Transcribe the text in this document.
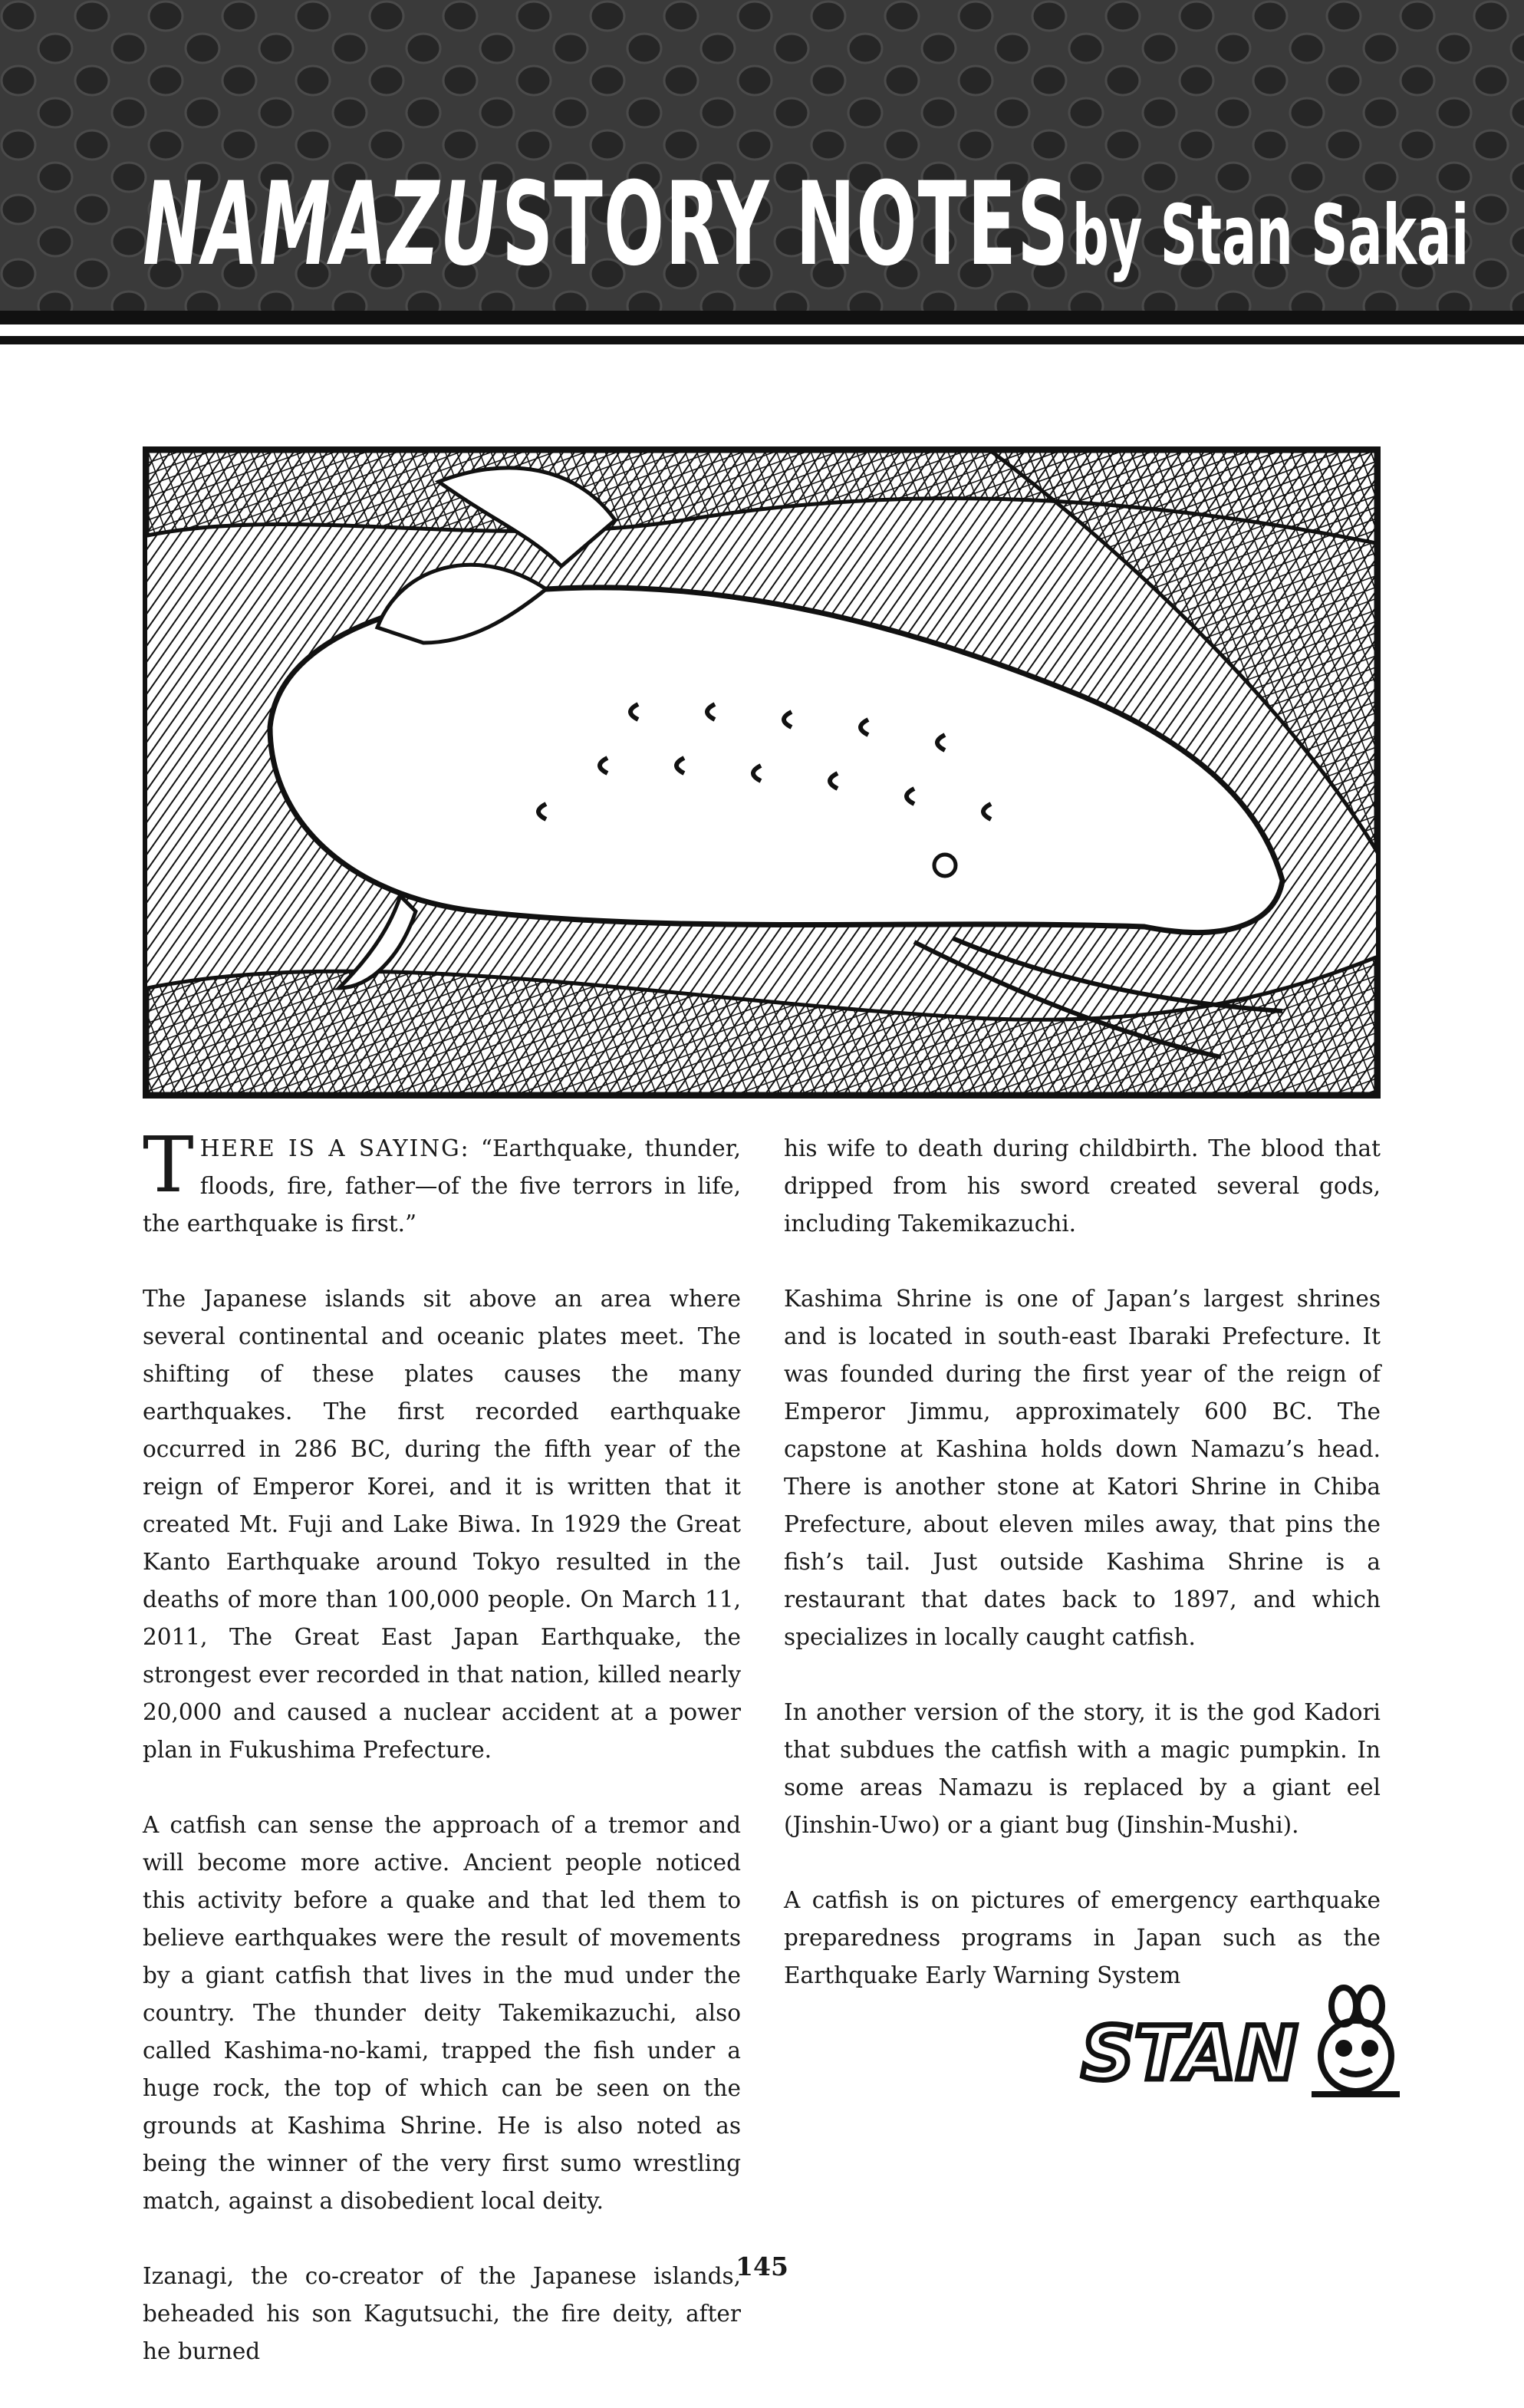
NAMAZU STORY NOTES by Stan Sakai

THERE IS A SAYING: “Earthquake, thunder, floods, fire, father—of the five terrors in life, the earthquake is first.”

The Japanese islands sit above an area where several continental and oceanic plates meet. The shifting of these plates causes the many earthquakes. The first recorded earthquake occurred in 286 BC, during the fifth year of the reign of Emperor Korei, and it is written that it created Mt. Fuji and Lake Biwa. In 1929 the Great Kanto Earthquake around Tokyo resulted in the deaths of more than 100,000 people. On March 11, 2011, The Great East Japan Earthquake, the strongest ever recorded in that nation, killed nearly 20,000 and caused a nuclear accident at a power plan in Fukushima Prefecture.

A catfish can sense the approach of a tremor and will become more active. Ancient people noticed this activity before a quake and that led them to believe earthquakes were the result of movements by a giant catfish that lives in the mud under the country. The thunder deity Takemikazuchi, also called Kashima-no-kami, trapped the fish under a huge rock, the top of which can be seen on the grounds at Kashima Shrine. He is also noted as being the winner of the very first sumo wrestling match, against a disobedient local deity.

Izanagi, the co-creator of the Japanese islands, beheaded his son Kagutsuchi, the fire deity, after he burned

his wife to death during childbirth. The blood that dripped from his sword created several gods, including Takemikazuchi.

Kashima Shrine is one of Japan’s largest shrines and is located in south-east Ibaraki Prefecture. It was founded during the first year of the reign of Emperor Jimmu, approximately 600 BC. The capstone at Kashina holds down Namazu’s head. There is another stone at Katori Shrine in Chiba Prefecture, about eleven miles away, that pins the fish’s tail. Just outside Kashima Shrine is a restaurant that dates back to 1897, and which specializes in locally caught catfish.

In another version of the story, it is the god Kadori that subdues the catfish with a magic pumpkin. In some areas Namazu is replaced by a giant eel (Jinshin-Uwo) or a giant bug (Jinshin-Mushi).

A catfish is on pictures of emergency earthquake preparedness programs in Japan such as the Earthquake Early Warning System

STAN
145
